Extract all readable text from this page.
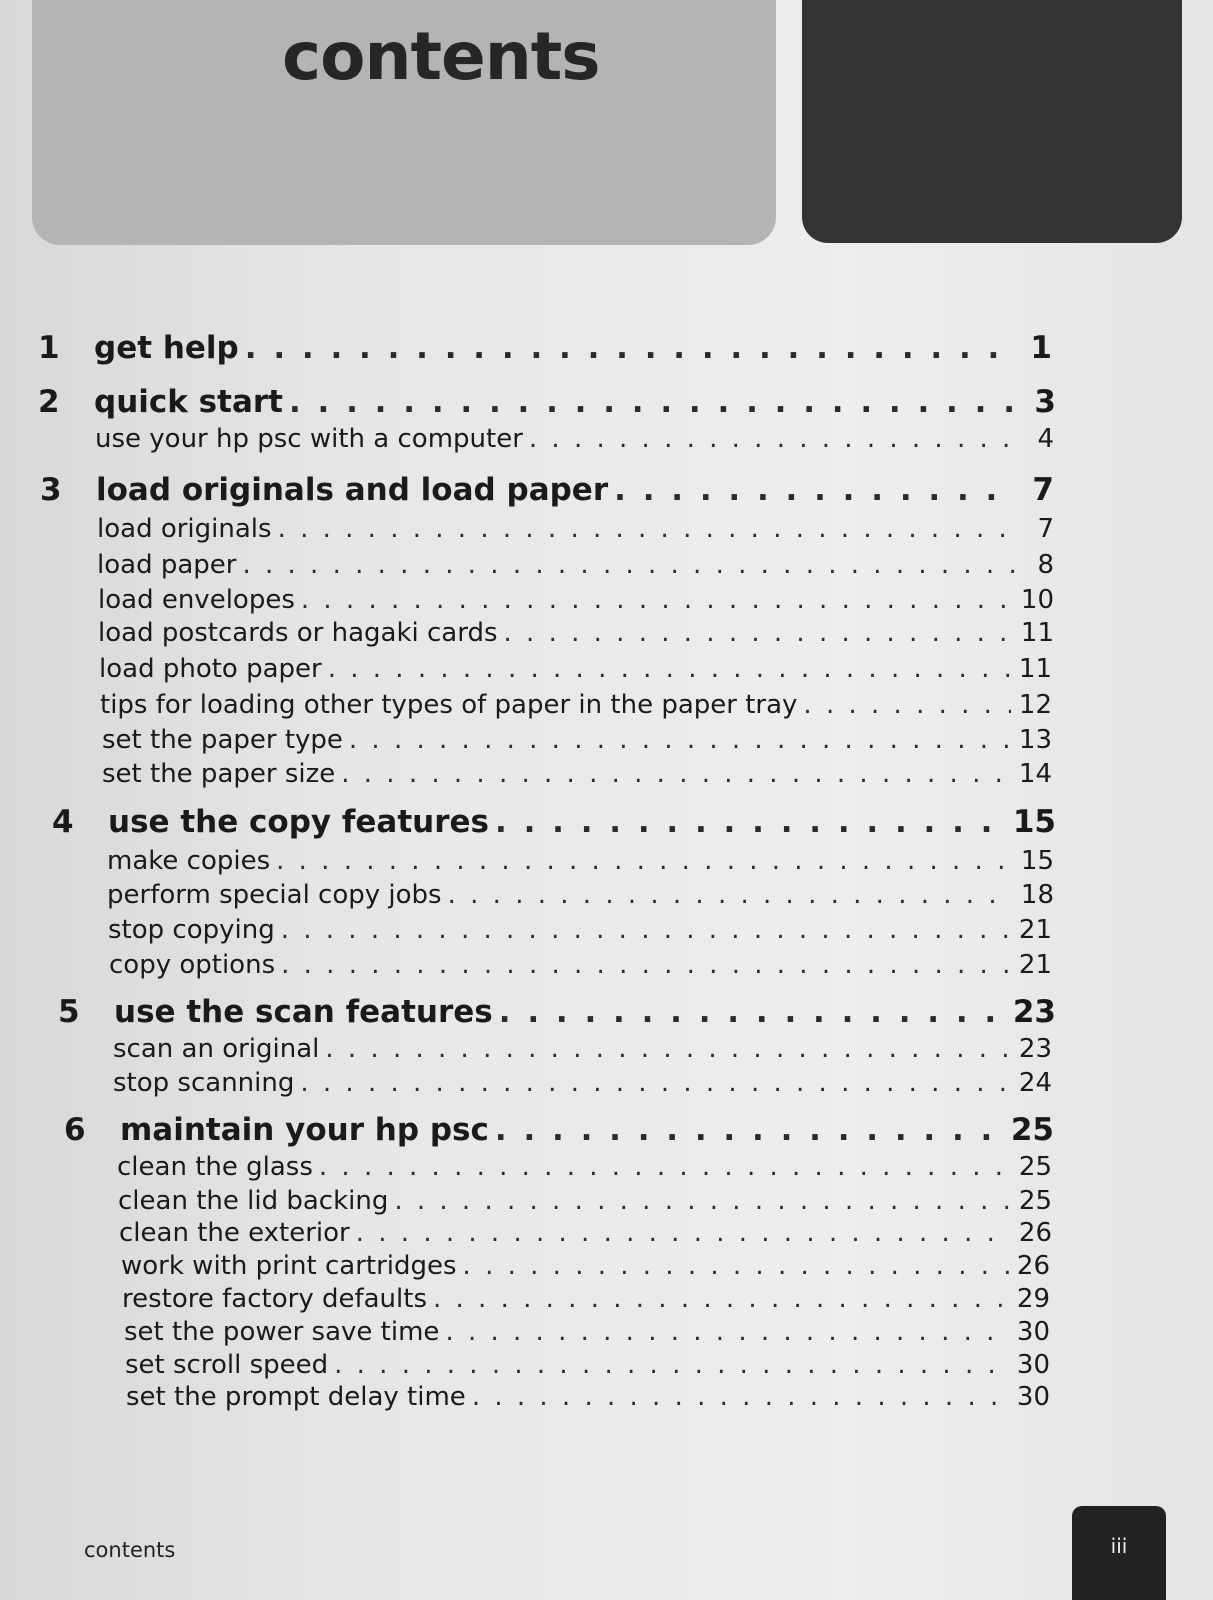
contents
1	get help . . .	1
2	quick start . . .	3
use your hp psc with a computer . . .	4
3	load originals and load paper . . .	7
load originals . . .	7
load paper . . .	8
load envelopes . . .	10
load postcards or hagaki cards . . .	11
load photo paper . . .	11
tips for loading other types of paper in the paper tray . . .	12
set the paper type . . .	13
set the paper size . . .	14
4	use the copy features . . .	15
make copies . . .	15
perform special copy jobs . . .	18
stop copying . . .	21
copy options . . .	21
5	use the scan features . . .	23
scan an original . . .	23
stop scanning . . .	24
6	maintain your hp psc . . .	25
clean the glass . . .	25
clean the lid backing . . .	25
clean the exterior . . .	26
work with print cartridges . . .	26
restore factory defaults . . .	29
set the power save time . . .	30
set scroll speed . . .	30
set the prompt delay time . . .	30
contents	iii
